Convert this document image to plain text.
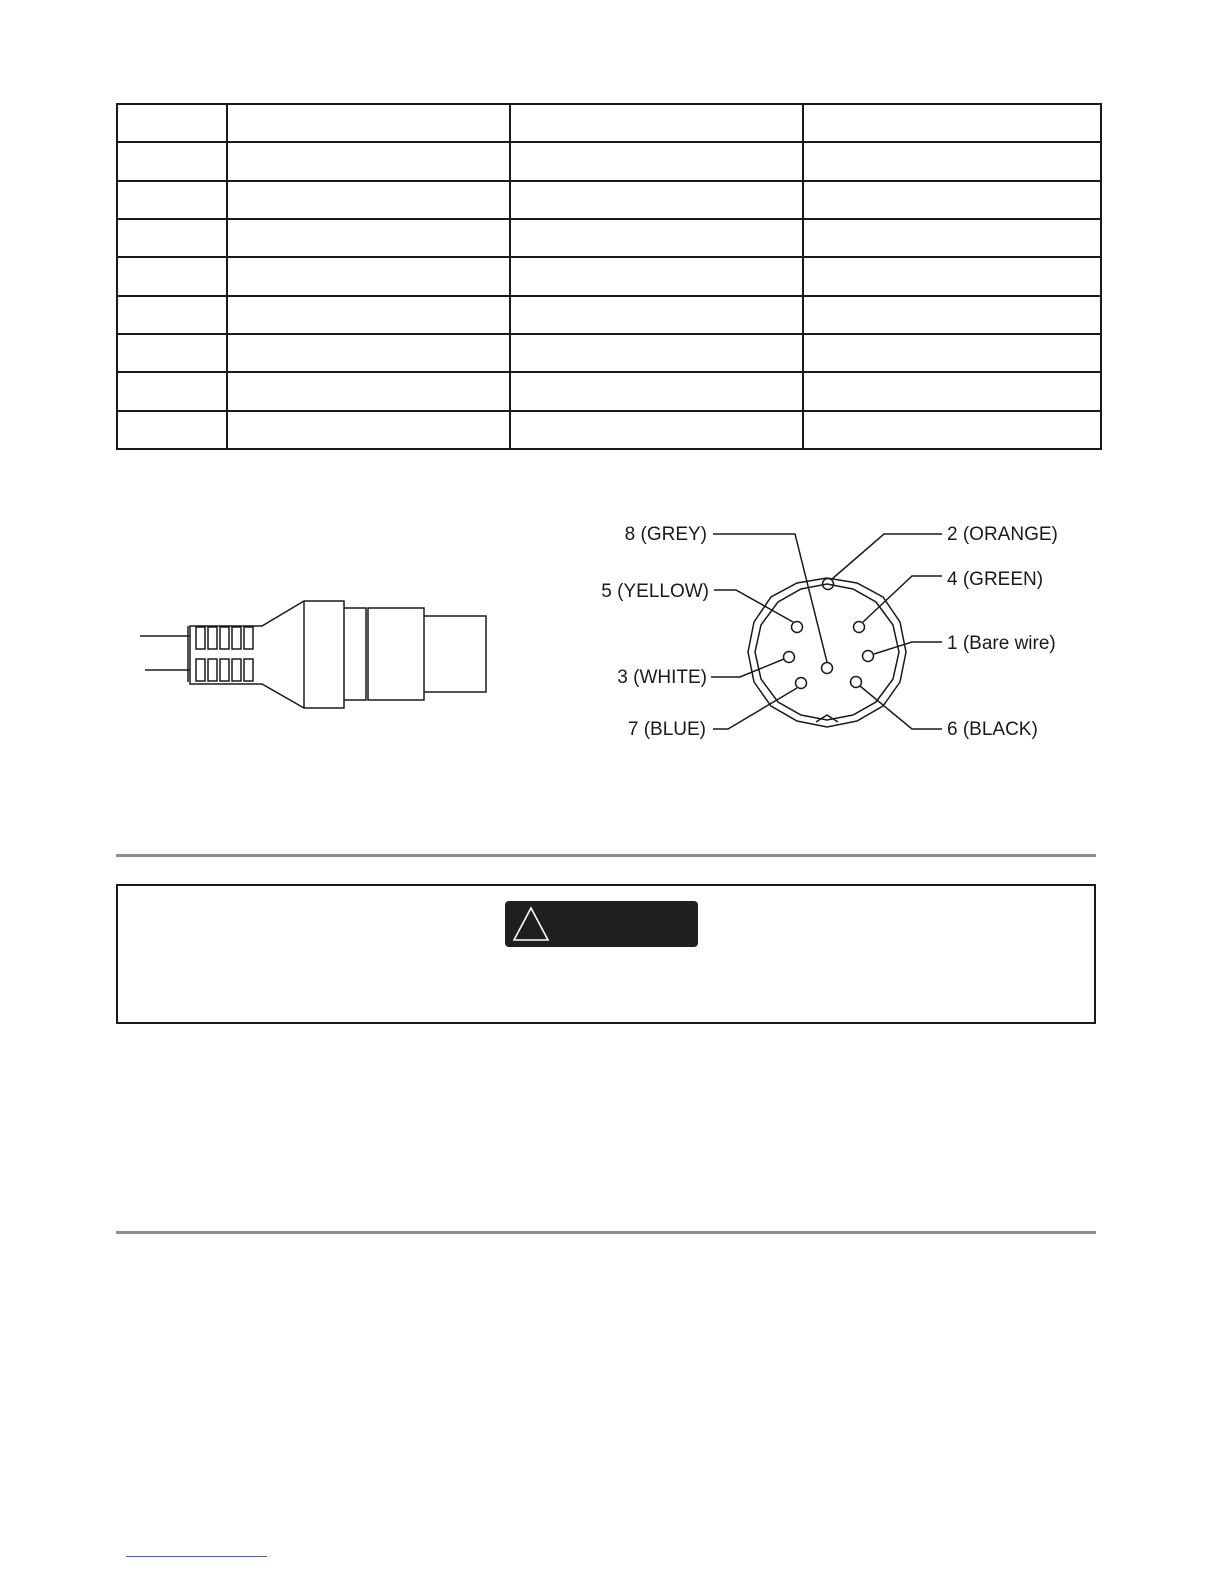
8 (GREY)	2 (ORANGE)
5 (YELLOW)
4 (GREEN)
1 (Bare wire)
3 (WHITE)
7 (BLUE)	6 (BLACK)
